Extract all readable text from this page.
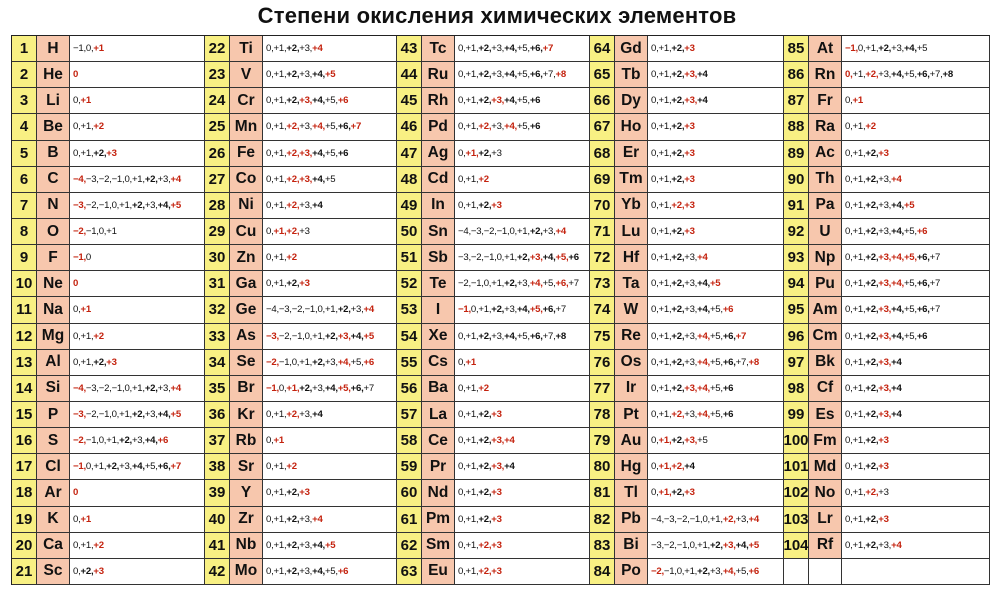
Степени окисления химических элементов
1	H	−1, 0, +1
2 He	0
3	Li	0, +1
4 Be	0, +1, +2
5	B	0, +1, +2, +3
6	C	−4, −3, −2, −1, 0, +1, +2, +3, +4
7	N	−3, −2, −1, 0, +1, +2, +3, +4, +5
8	O	−2, −1, 0, +1
9	F	−1, 0
10 Ne	0
11 Na	0, +1
12 Mg 0, +1, +2
13 Al	0, +1, +2, +3
14 Si	−4, −3, −2, −1, 0, +1, +2, +3, +4
15 P	−3, −2, −1, 0, +1, +2, +3, +4, +5
16 S	−2, −1, 0, +1, +2, +3, +4, +6
17 Cl	−1, 0, +1, +2, +3, +4, +5, +6, +7
18 Ar	0
19 K	0, +1
20 Ca	0, +1, +2
21 Sc	0, +2, +3
22 Ti	0, +1, +2, +3, +4
23 V	0, +1, +2, +3, +4, +5
24 Cr	0, +1, +2, +3, +4, +5, +6
25 Mn 0, +1, +2, +3, +4, +5, +6, +7
26 Fe	0, +1, +2, +3, +4, +5, +6
27 Co	0, +1, +2, +3, +4, +5
28 Ni	0, +1, +2, +3, +4
29 Cu	0, +1, +2, +3
30 Zn	0, +1, +2
31 Ga	0, +1, +2, +3
32 Ge	−4, −3, −2, −1, 0, +1, +2, +3, +4
33 As	−3, −2, −1, 0, +1, +2, +3, +4, +5
34 Se	−2, −1, 0, +1, +2, +3, +4, +5, +6
35 Br	−1, 0, +1, +2, +3, +4, +5, +6, +7
36 Kr	0, +1, +2, +3, +4
37 Rb	0, +1
38 Sr	0, +1, +2
39 Y	0, +1, +2, +3
40 Zr	0, +1, +2, +3, +4
41 Nb	0, +1, +2, +3, +4, +5
42 Mo 0, +1, +2, +3, +4, +5, +6
43 Tc	0, +1, +2, +3, +4, +5, +6, +7
44 Ru	0, +1, +2, +3, +4, +5, +6, +7, +8
45 Rh	0, +1, +2, +3, +4, +5, +6
46 Pd	0, +1, +2, +3, +4, +5, +6
47 Ag	0, +1, +2, +3
48 Cd	0, +1, +2
49 In	0, +1, +2, +3
50 Sn	−4, −3, −2, −1, 0, +1, +2, +3, +4
51 Sb	−3, −2, −1, 0, +1, +2, +3, +4, +5, +6
52 Te	−2, −1, 0, +1, +2, +3, +4, +5, +6, +7
53	I	−1, 0, +1, +2, +3, +4, +5, +6, +7
54 Xe	0, +1, +2, +3, +4, +5, +6, +7, +8
55 Cs	0, +1
56 Ba	0, +1, +2
57 La	0, +1, +2, +3
58 Ce	0, +1, +2, +3, +4
59 Pr	0, +1, +2, +3, +4
60 Nd	0, +1, +2, +3
61 Pm 0, +1, +2, +3
62 Sm 0, +1, +2, +3
63 Eu	0, +1, +2, +3
64 Gd 0, +1, +2, +3
65 Tb	0, +1, +2, +3, +4
66 Dy	0, +1, +2, +3, +4
67 Ho	0, +1, +2, +3
68 Er	0, +1, +2, +3
69 Tm 0, +1, +2, +3
70 Yb	0, +1, +2, +3
71 Lu	0, +1, +2, +3
72 Hf	0, +1, +2, +3, +4
73 Ta	0, +1, +2, +3, +4, +5
74 W	0, +1, +2, +3, +4, +5, +6
75 Re	0, +1, +2, +3, +4, +5, +6, +7
76 Os	0, +1, +2, +3, +4, +5, +6, +7, +8
77 Ir	0, +1, +2, +3, +4, +5, +6
78 Pt	0, +1, +2, +3, +4, +5, +6
79 Au	0, +1, +2, +3, +5
80 Hg	0, +1, +2, +4
81 Tl	0, +1, +2, +3
82 Pb	−4, −3, −2, −1, 0, +1, +2, +3, +4
83 Bi	−3, −2, −1, 0, +1, +2, +3, +4, +5
84 Po	−2, −1, 0, +1, +2, +3, +4, +5, +6
85 At	−1, 0, +1, +2, +3, +4, +5
86 Rn	0, +1, +2, +3, +4, +5, +6, +7, +8
87 Fr	0, +1
88 Ra	0, +1, +2
89 Ac	0, +1, +2, +3
90 Th	0, +1, +2, +3, +4
91 Pa	0, +1, +2, +3, +4, +5
92 U	0, +1, +2, +3, +4, +5, +6
93 Np	0, +1, +2, +3, +4, +5, +6, +7
94 Pu	0, +1, +2, +3, +4, +5, +6, +7
95 Am 0, +1, +2, +3, +4, +5, +6, +7
96 Cm 0, +1, +2, +3, +4, +5, +6
97 Bk	0, +1, +2, +3, +4
98 Cf	0, +1, +2, +3, +4
99 Es	0, +1, +2, +3, +4
100 Fm 0, +1, +2, +3
101 Md 0, +1, +2, +3
102 No	0, +1, +2, +3
103 Lr	0, +1, +2, +3
104 Rf	0, +1, +2, +3, +4
